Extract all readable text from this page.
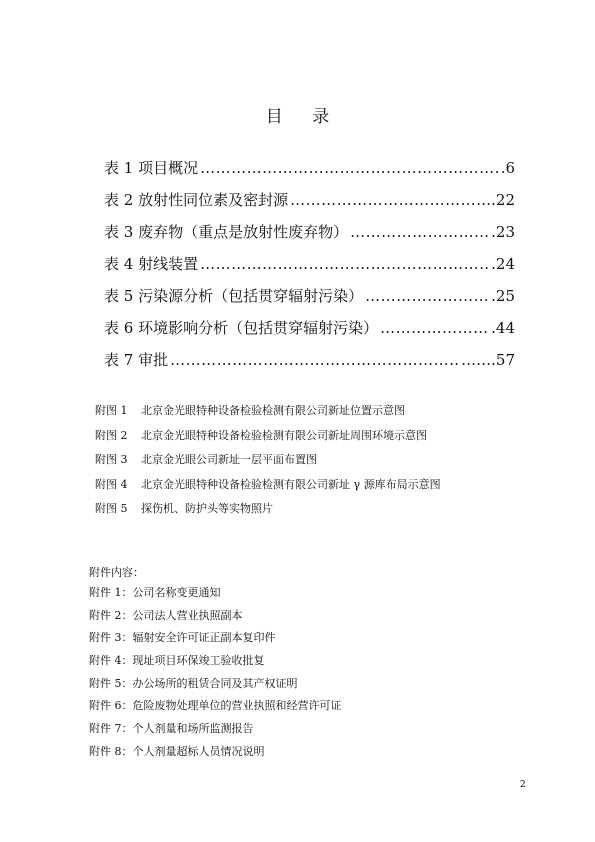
目 录
表 1 项目概况 ……………………………………………………………………………………………………………………	.6
表 2 放射性同位素及密封源 ……………………………………………………………………………………………………………………	.22
表 3 废弃物（重点是放射性废弃物） ……………………………………………………………………………………………………………………	.23
表 4 射线装置 ……………………………………………………………………………………………………………………	.24
表 5 污染源分析（包括贯穿辐射污染） ……………………………………………………………………………………………………………………	.25
表 6 环境影响分析（包括贯穿辐射污染） ……………………………………………………………………………………………………………………	.44
表 7 审批 ……………………………………………………………………………………………………………………	…….57
附图 1	北京金光眼特种设备检验检测有限公司新址位置示意图
附图 2	北京金光眼特种设备检验检测有限公司新址周围环境示意图
附图 3	北京金光眼公司新址一层平面布置图
附图 4	北京金光眼特种设备检验检测有限公司新址 γ 源库布局示意图
附图 5	探伤机、防护头等实物照片
附件内容：
附件 1：公司名称变更通知
附件 2：公司法人营业执照副本
附件 3：辐射安全许可证正副本复印件
附件 4：现址项目环保竣工验收批复
附件 5：办公场所的租赁合同及其产权证明
附件 6：危险废物处理单位的营业执照和经营许可证
附件 7：个人剂量和场所监测报告
附件 8：个人剂量超标人员情况说明
2
